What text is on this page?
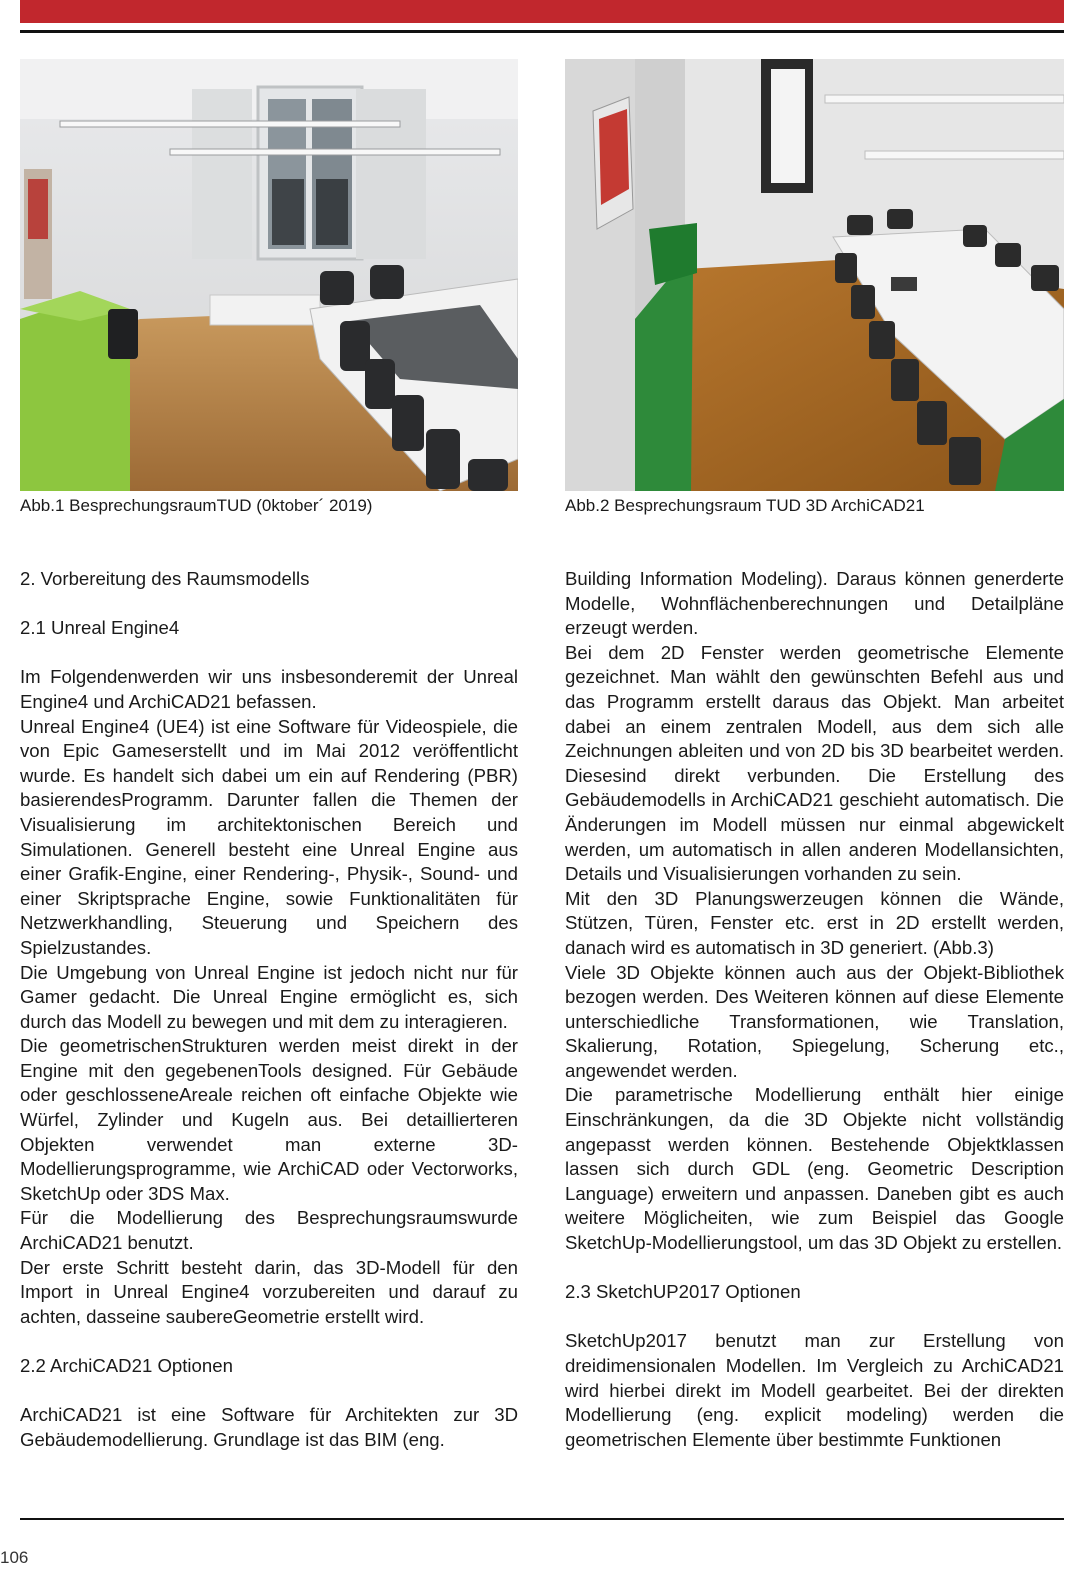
Abb.1 BesprechungsraumTUD (0ktober´ 2019)	Abb.2 Besprechungsraum TUD 3D ArchiCAD21

2. Vorbereitung des Raumsmodells

2.1 Unreal Engine4

Im Folgendenwerden wir uns insbesonderemit der Unreal Engine4 und ArchiCAD21 befassen.

Unreal Engine4 (UE4) ist eine Software für Videospiele, die von Epic Gameserstellt und im Mai 2012 veröffentlicht wurde. Es handelt sich dabei um ein auf Rendering (PBR) basierendesProgramm. Darunter fallen die Themen der Visualisierung im architektonischen Bereich und Simulationen. Generell besteht eine Unreal Engine aus einer Grafik-Engine, einer Rendering-, Physik-, Sound- und einer Skriptsprache Engine, sowie Funktionalitäten für Netzwerkhandling, Steuerung und Speichern des Spielzustandes.

Die Umgebung von Unreal Engine ist jedoch nicht nur für Gamer gedacht. Die Unreal Engine ermöglicht es, sich durch das Modell zu bewegen und mit dem zu interagieren.

Die geometrischenStrukturen werden meist direkt in der Engine mit den gegebenenTools designed. Für Gebäude oder geschlosseneAreale reichen oft einfache Objekte wie Würfel, Zylinder und Kugeln aus. Bei detaillierteren Objekten verwendet man externe 3D-Modellierungsprogramme, wie ArchiCAD oder Vectorworks, SketchUp oder 3DS Max.

Für die Modellierung des Besprechungsraumswurde ArchiCAD21 benutzt.

Der erste Schritt besteht darin, das 3D-Modell für den Import in Unreal Engine4 vorzubereiten und darauf zu achten, dasseine saubereGeometrie erstellt wird.

2.2 ArchiCAD21 Optionen

ArchiCAD21 ist eine Software für Architekten zur 3D Gebäudemodellierung. Grundlage ist das BIM (eng.

Building Information Modeling). Daraus können generderte Modelle, Wohnflächenberechnungen und Detailpläne erzeugt werden.

Bei dem 2D Fenster werden geometrische Elemente gezeichnet. Man wählt den gewünschten Befehl aus und das Programm erstellt daraus das Objekt. Man arbeitet dabei an einem zentralen Modell, aus dem sich alle Zeichnungen ableiten und von 2D bis 3D bearbeitet werden. Diesesind direkt verbunden. Die Erstellung des Gebäudemodells in ArchiCAD21 geschieht automatisch. Die Änderungen im Modell müssen nur einmal abgewickelt werden, um automatisch in allen anderen Modellansichten, Details und Visualisierungen vorhanden zu sein.

Mit den 3D Planungswerzeugen können die Wände, Stützen, Türen, Fenster etc. erst in 2D erstellt werden, danach wird es automatisch in 3D generiert. (Abb.3)

Viele 3D Objekte können auch aus der Objekt-Bibliothek bezogen werden. Des Weiteren können auf diese Elemente unterschiedliche Transformationen, wie Translation, Skalierung, Rotation, Spiegelung, Scherung etc., angewendet werden.

Die parametrische Modellierung enthält hier einige Einschränkungen, da die 3D Objekte nicht vollständig angepasst werden können. Bestehende Objektklassen lassen sich durch GDL (eng. Geometric Description Language) erweitern und anpassen. Daneben gibt es auch weitere Möglicheiten, wie zum Beispiel das Google SketchUp-Modellierungstool, um das 3D Objekt zu erstellen.

2.3 SketchUP2017 Optionen

SketchUp2017 benutzt man zur Erstellung von dreidimensionalen Modellen. Im Vergleich zu ArchiCAD21 wird hierbei direkt im Modell gearbeitet. Bei der direkten Modellierung (eng. explicit modeling) werden die geometrischen Elemente über bestimmte Funktionen

106
